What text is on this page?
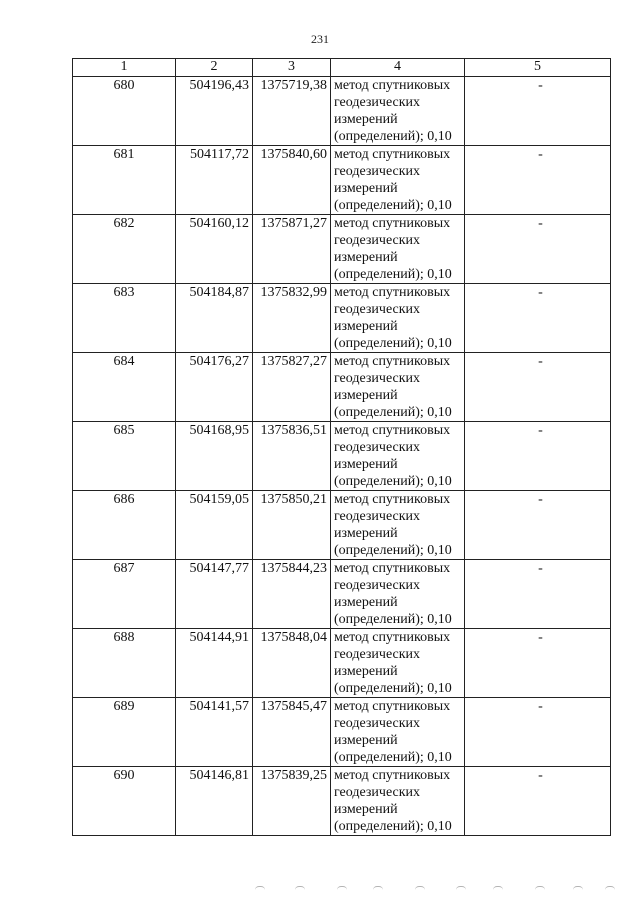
231
1	2	3	4	5
680	504196,43	1375719,38	метод спутниковых геодезических измерений (определений); 0,10	-
681	504117,72	1375840,60	метод спутниковых геодезических измерений (определений); 0,10	-
682	504160,12	1375871,27	метод спутниковых геодезических измерений (определений); 0,10	-
683	504184,87	1375832,99	метод спутниковых геодезических измерений (определений); 0,10	-
684	504176,27	1375827,27	метод спутниковых геодезических измерений (определений); 0,10	-
685	504168,95	1375836,51	метод спутниковых геодезических измерений (определений); 0,10	-
686	504159,05	1375850,21	метод спутниковых геодезических измерений (определений); 0,10	-
687	504147,77	1375844,23	метод спутниковых геодезических измерений (определений); 0,10	-
688	504144,91	1375848,04	метод спутниковых геодезических измерений (определений); 0,10	-
689	504141,57	1375845,47	метод спутниковых геодезических измерений (определений); 0,10	-
690	504146,81	1375839,25	метод спутниковых геодезических измерений (определений); 0,10	-
